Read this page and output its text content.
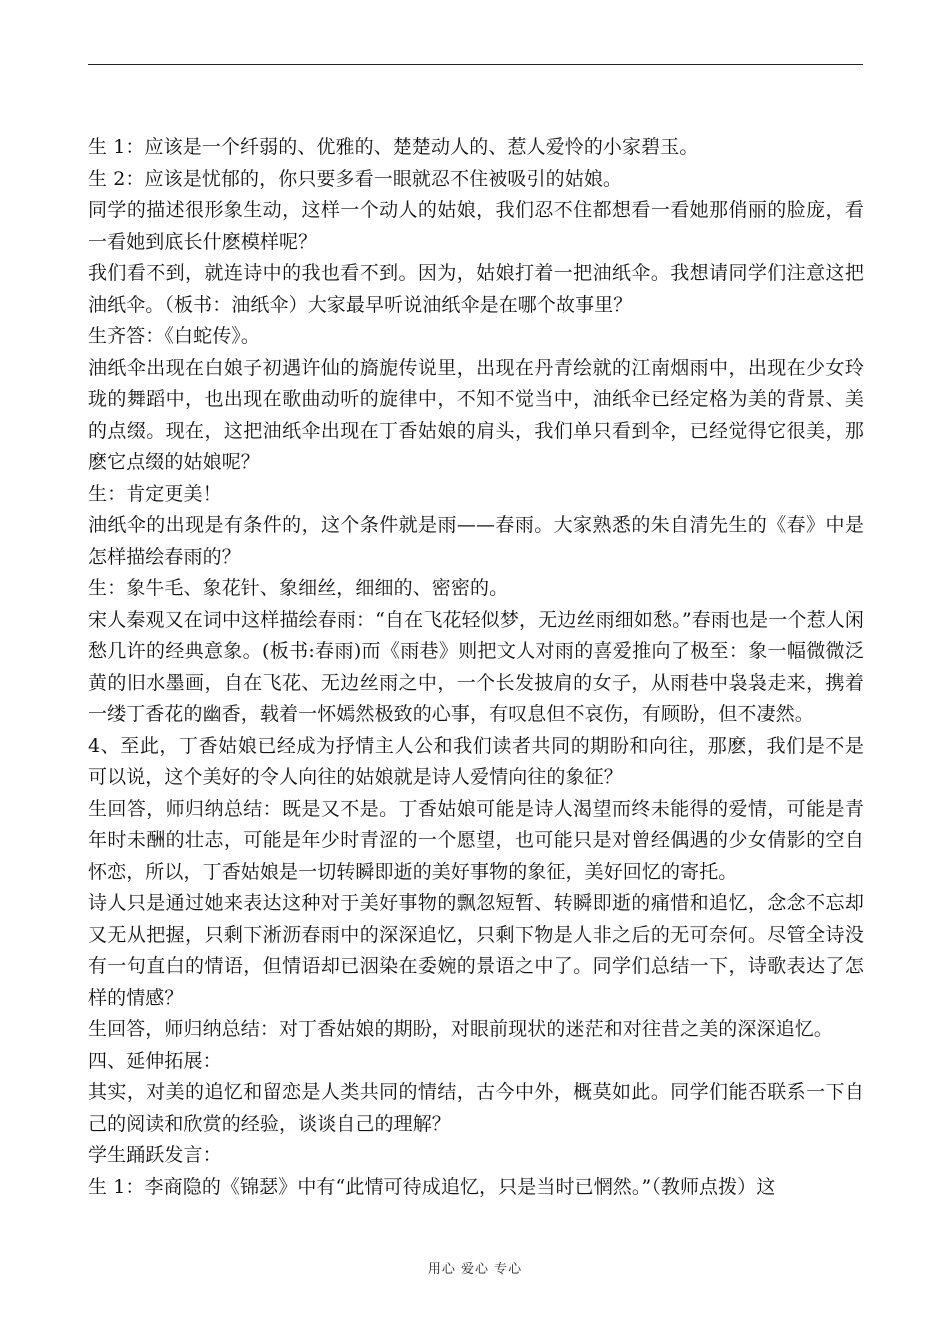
生 1：应该是一个纤弱的、优雅的、楚楚动人的、惹人爱怜的小家碧玉。

生 2：应该是忧郁的，你只要多看一眼就忍不住被吸引的姑娘。

同学的描述很形象生动，这样一个动人的姑娘，我们忍不住都想看一看她那俏丽的脸庞，看一看她到底长什麽模样呢？

我们看不到，就连诗中的我也看不到。因为，姑娘打着一把油纸伞。我想请同学们注意这把油纸伞。（板书：油纸伞）大家最早听说油纸伞是在哪个故事里？

生齐答：《白蛇传》。

油纸伞出现在白娘子初遇许仙的旖旎传说里，出现在丹青绘就的江南烟雨中，出现在少女玲珑的舞蹈中，也出现在歌曲动听的旋律中，不知不觉当中，油纸伞已经定格为美的背景、美的点缀。现在，这把油纸伞出现在丁香姑娘的肩头，我们单只看到伞，已经觉得它很美，那麽它点缀的姑娘呢？

生：肯定更美！

油纸伞的出现是有条件的，这个条件就是雨——春雨。大家熟悉的朱自清先生的《春》中是怎样描绘春雨的？

生：象牛毛、象花针、象细丝，细细的、密密的。

宋人秦观又在词中这样描绘春雨：“自在飞花轻似梦，无边丝雨细如愁。”春雨也是一个惹人闲愁几许的经典意象。(板书:春雨)而《雨巷》则把文人对雨的喜爱推向了极至：象一幅微微泛黄的旧水墨画，自在飞花、无边丝雨之中，一个长发披肩的女子，从雨巷中袅袅走来，携着一缕丁香花的幽香，载着一怀嫣然极致的心事，有叹息但不哀伤，有顾盼，但不凄然。

4、至此，丁香姑娘已经成为抒情主人公和我们读者共同的期盼和向往，那麽，我们是不是可以说，这个美好的令人向往的姑娘就是诗人爱情向往的象征？

生回答，师归纳总结：既是又不是。丁香姑娘可能是诗人渴望而终未能得的爱情，可能是青年时未酬的壮志，可能是年少时青涩的一个愿望，也可能只是对曾经偶遇的少女倩影的空自怀恋，所以，丁香姑娘是一切转瞬即逝的美好事物的象征，美好回忆的寄托。

诗人只是通过她来表达这种对于美好事物的飘忽短暂、转瞬即逝的痛惜和追忆，念念不忘却又无从把握，只剩下淅沥春雨中的深深追忆，只剩下物是人非之后的无可奈何。尽管全诗没有一句直白的情语，但情语却已洇染在委婉的景语之中了。同学们总结一下，诗歌表达了怎样的情感？

生回答，师归纳总结：对丁香姑娘的期盼，对眼前现状的迷茫和对往昔之美的深深追忆。

四、延伸拓展：

其实，对美的追忆和留恋是人类共同的情结，古今中外，概莫如此。同学们能否联系一下自己的阅读和欣赏的经验，谈谈自己的理解？

学生踊跃发言：

生 1：李商隐的《锦瑟》中有“此情可待成追忆，只是当时已惘然。”（教师点拨）这

用心 爱心 专心
